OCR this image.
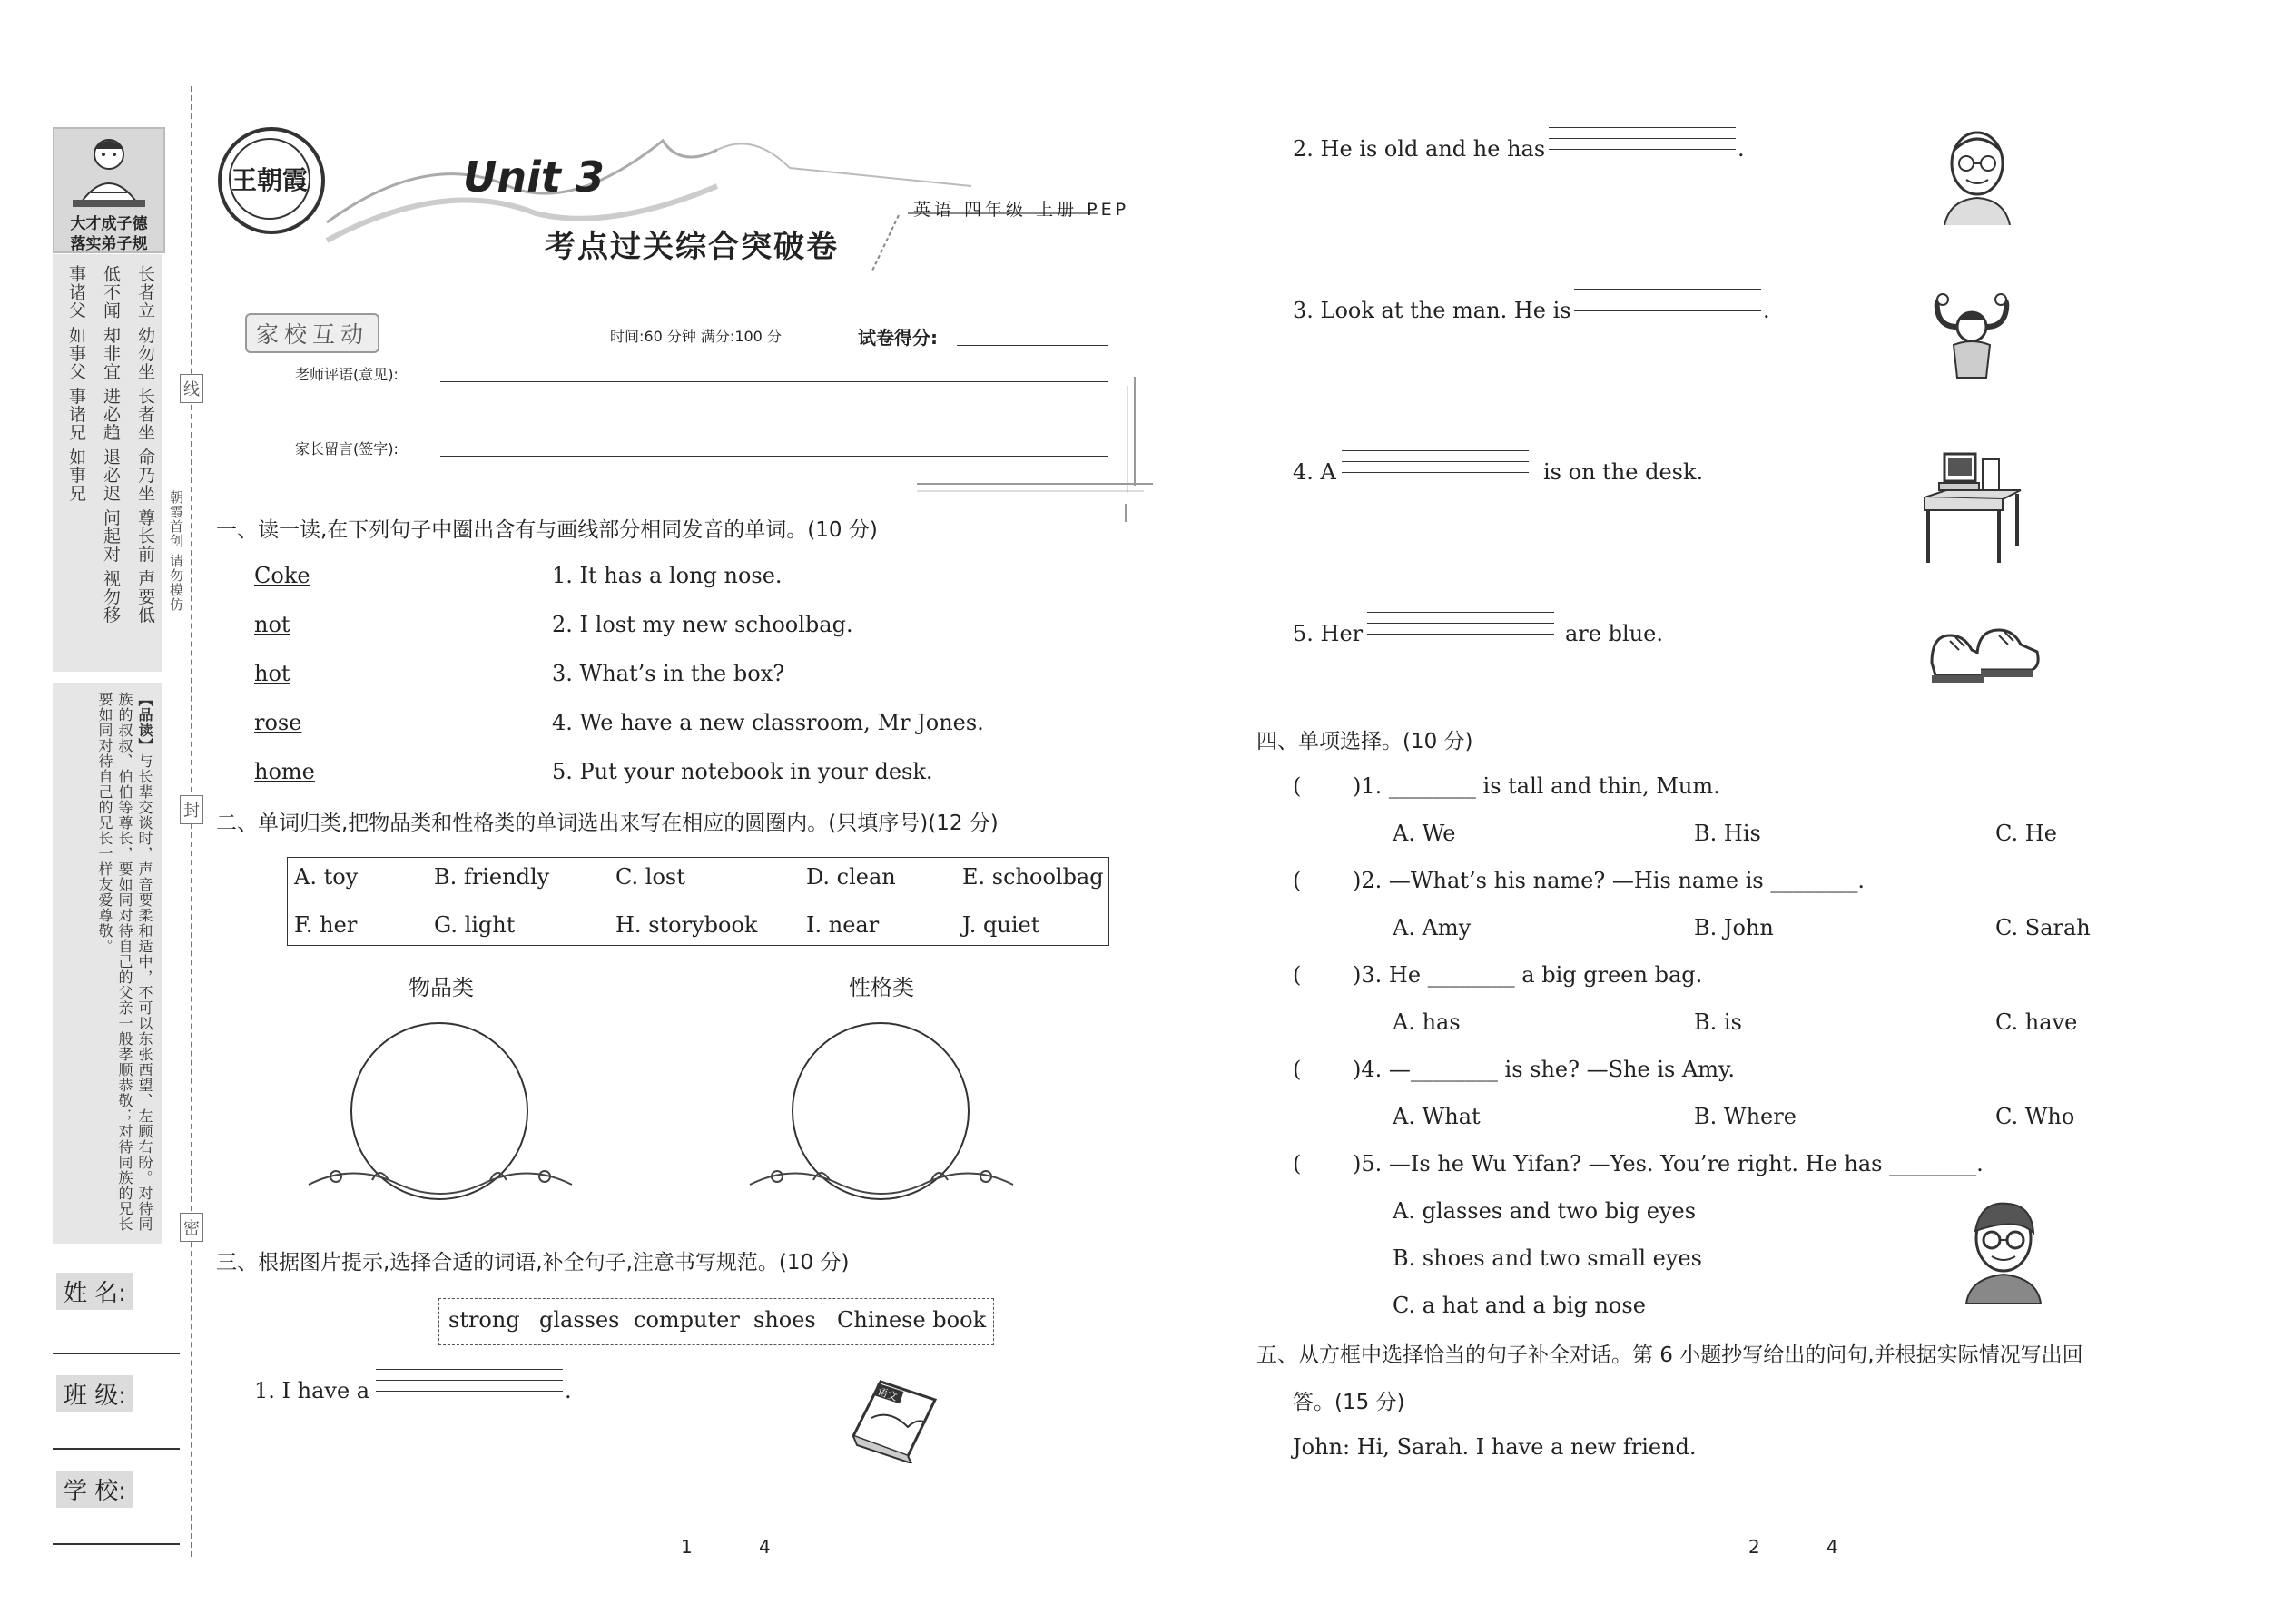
大才成子德
落实弟子规
长者立 幼勿坐 长者坐 命乃坐 尊长前 声要低
低不闻 却非宜 进必趋 退必迟 问起对 视勿移
事诸父 如事父 事诸兄 如事兄
【品读】与长辈交谈时，声音要柔和适中，不可以东张西望、左顾右盼。对待同族的叔叔、伯伯等尊长，要如同对待自己的父亲一般孝顺恭敬；对待同族的兄长要如同对待自己的兄长一样友爱尊敬。
姓 名:
班 级:
学 校:
线
封
密
朝霞首创 请勿模仿
王朝霞	Unit 3
考点过关综合突破卷
英语 四年级 上册 PEP
家校互动	时间:60 分钟 满分:100 分	试卷得分:
老师评语(意见):
家长留言(签字):
一、读一读,在下列句子中圈出含有与画线部分相同发音的单词。(10 分)
Coke	1. It has a long nose.
not	2. I lost my new schoolbag.
hot	3. What’s in the box?
rose	4. We have a new classroom, Mr Jones.
home	5. Put your notebook in your desk.
二、单词归类,把物品类和性格类的单词选出来写在相应的圆圈内。(只填序号)(12 分)
A. toy	B. friendly	C. lost	D. clean	E. schoolbag
F. her	G. light	H. storybook I. near	J. quiet
物品类	性格类
三、根据图片提示,选择合适的词语,补全句子,注意书写规范。(10 分)
strong glasses computer shoes Chinese book
1. I have a	.	语文
2. He is old and he has	.
3. Look at the man. He is	.
4. A	is on the desk.
5. Her	are blue.
四、单项选择。(10 分)
( )1. ________ is tall and thin, Mum.
A. We	B. His	C. He
( )2. —What’s his name? —His name is ________.
A. Amy	B. John	C. Sarah
( )3. He ________ a big green bag.
A. has	B. is	C. have
( )4. —________ is she? —She is Amy.
A. What	B. Where	C. Who
( )5. —Is he Wu Yifan? —Yes. You’re right. He has ________.
A. glasses and two big eyes
B. shoes and two small eyes
C. a hat and a big nose
五、从方框中选择恰当的句子补全对话。第 6 小题抄写给出的问句,并根据实际情况写出回
答。(15 分)
John: Hi, Sarah. I have a new friend.
1	4	2	4
